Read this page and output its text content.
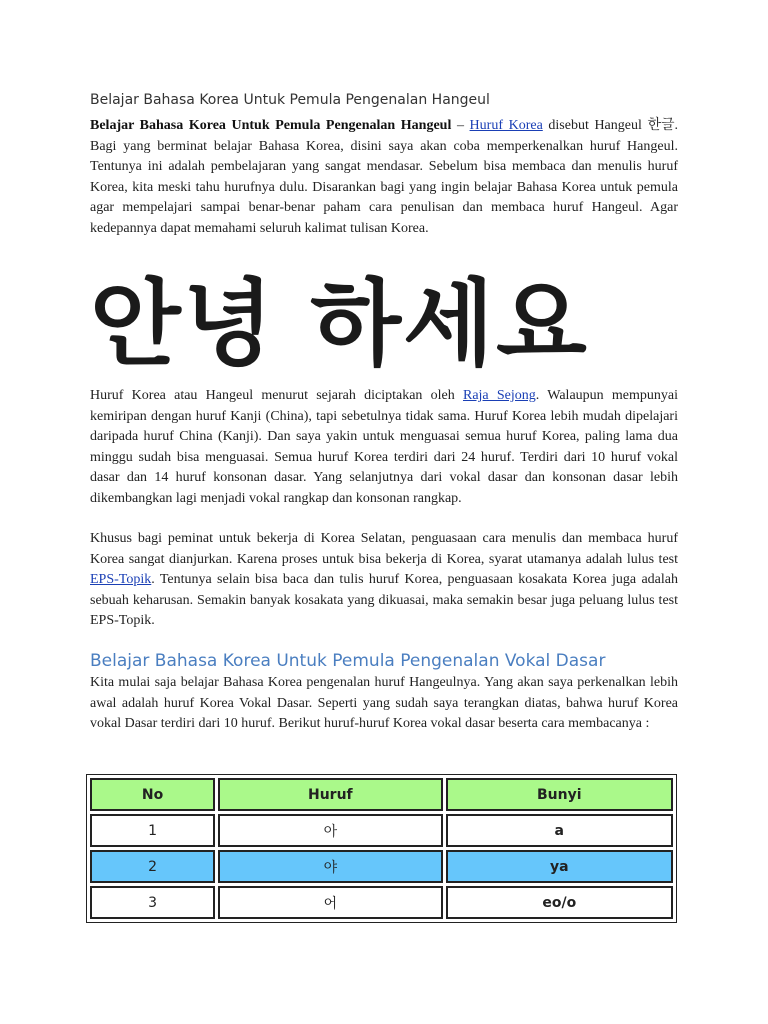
Belajar Bahasa Korea Untuk Pemula Pengenalan Hangeul

Belajar Bahasa Korea Untuk Pemula Pengenalan Hangeul – Huruf Korea disebut Hangeul 한글. Bagi yang berminat belajar Bahasa Korea, disini saya akan coba memperkenalkan huruf Hangeul. Tentunya ini adalah pembelajaran yang sangat mendasar. Sebelum bisa membaca dan menulis huruf Korea, kita meski tahu hurufnya dulu. Disarankan bagi yang ingin belajar Bahasa Korea untuk pemula agar mempelajari sampai benar-benar paham cara penulisan dan membaca huruf Hangeul. Agar kedepannya dapat memahami seluruh kalimat tulisan Korea.

안녕 하세요

Huruf Korea atau Hangeul menurut sejarah diciptakan oleh Raja Sejong. Walaupun mempunyai kemiripan dengan huruf Kanji (China), tapi sebetulnya tidak sama. Huruf Korea lebih mudah dipelajari daripada huruf China (Kanji). Dan saya yakin untuk menguasai semua huruf Korea, paling lama dua minggu sudah bisa menguasai. Semua huruf Korea terdiri dari 24 huruf. Terdiri dari 10 huruf vokal dasar dan 14 huruf konsonan dasar. Yang selanjutnya dari vokal dasar dan konsonan dasar lebih dikembangkan lagi menjadi vokal rangkap dan konsonan rangkap.

Khusus bagi peminat untuk bekerja di Korea Selatan, penguasaan cara menulis dan membaca huruf Korea sangat dianjurkan. Karena proses untuk bisa bekerja di Korea, syarat utamanya adalah lulus test EPS-Topik. Tentunya selain bisa baca dan tulis huruf Korea, penguasaan kosakata Korea juga adalah sebuah keharusan. Semakin banyak kosakata yang dikuasai, maka semakin besar juga peluang lulus test EPS-Topik.

Belajar Bahasa Korea Untuk Pemula Pengenalan Vokal Dasar

Kita mulai saja belajar Bahasa Korea pengenalan huruf Hangeulnya. Yang akan saya perkenalkan lebih awal adalah huruf Korea Vokal Dasar. Seperti yang sudah saya terangkan diatas, bahwa huruf Korea vokal Dasar terdiri dari 10 huruf. Berikut huruf-huruf Korea vokal dasar beserta cara membacanya :

No	Huruf	Bunyi
1	아	a
2	야	ya
3	어	eo/o
